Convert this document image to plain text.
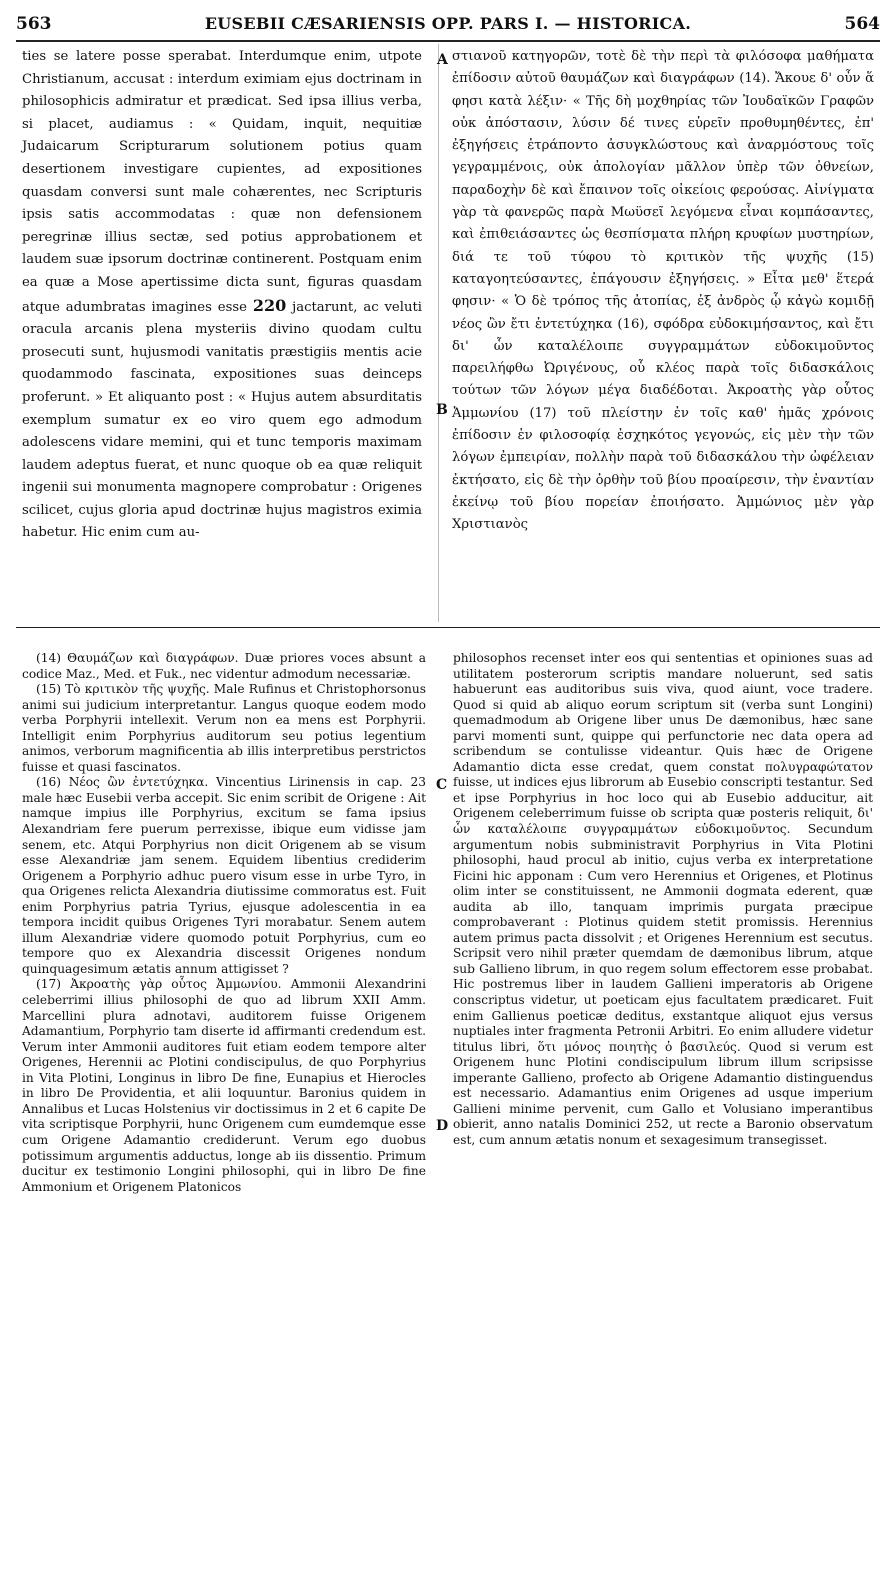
563	EUSEBII CÆSARIENSIS OPP. PARS I. — HISTORICA.	564

ties se latere posse sperabat. Interdumque enim, utpote Christianum, accusat : interdum eximiam ejus doctrinam in philosophicis admiratur et prædicat. Sed ipsa illius verba, si placet, audiamus : « Quidam, inquit, nequitiæ Judaicarum Scripturarum solutionem potius quam desertionem investigare cupientes, ad expositiones quasdam conversi sunt male cohærentes, nec Scripturis ipsis satis accommodatas : quæ non defensionem peregrinæ illius sectæ, sed potius approbationem et laudem suæ ipsorum doctrinæ continerent. Postquam enim ea quæ a Mose apertissime dicta sunt, figuras quasdam atque adumbratas imagines esse 220 jactarunt, ac veluti oracula arcanis plena mysteriis divino quodam cultu prosecuti sunt, hujusmodi vanitatis præstigiis mentis acie quodammodo fascinata, expositiones suas deinceps proferunt. » Et aliquanto post : « Hujus autem absurditatis exemplum sumatur ex eo viro quem ego admodum adolescens vidare memini, qui et tunc temporis maximam laudem adeptus fuerat, et nunc quoque ob ea quæ reliquit ingenii sui monumenta magnopere comprobatur : Origenes scilicet, cujus gloria apud doctrinæ hujus magistros eximia habetur. Hic enim cum au-

A
B
C
D

στιανοῦ κατηγορῶν, τοτὲ δὲ τὴν περὶ τὰ φιλόσοφα μαθήματα ἐπίδοσιν αὐτοῦ θαυμάζων καὶ διαγράφων (14). Ἄκουε δ' οὖν ἅ φησι κατὰ λέξιν· « Τῆς δὴ μοχθηρίας τῶν Ἰουδαϊκῶν Γραφῶν οὐκ ἀπόστασιν, λύσιν δέ τινες εὑρεῖν προθυμηθέντες, ἐπ' ἐξηγήσεις ἐτράποντο ἀσυγκλώστους καὶ ἀναρμόστους τοῖς γεγραμμένοις, οὐκ ἀπολογίαν μᾶλλον ὑπὲρ τῶν ὀθνείων, παραδοχὴν δὲ καὶ ἔπαινον τοῖς οἰκείοις φερούσας. Αἰνίγματα γὰρ τὰ φανερῶς παρὰ Μωϋσεῖ λεγόμενα εἶναι κομπάσαντες, καὶ ἐπιθειάσαντες ὡς θεσπίσματα πλήρη κρυφίων μυστηρίων, διά τε τοῦ τύφου τὸ κριτικὸν τῆς ψυχῆς (15) καταγοητεύσαντες, ἐπάγουσιν ἐξηγήσεις. » Εἶτα μεθ' ἕτερά φησιν· « Ὁ δὲ τρόπος τῆς ἀτοπίας, ἐξ ἀνδρὸς ᾧ κἀγὼ κομιδῇ νέος ὢν ἔτι ἐντετύχηκα (16), σφόδρα εὐδοκιμήσαντος, καὶ ἔτι δι' ὧν καταλέλοιπε συγγραμμάτων εὐδοκιμοῦντος παρειλήφθω Ὠριγένους, οὗ κλέος παρὰ τοῖς διδασκάλοις τούτων τῶν λόγων μέγα διαδέδοται. Ἀκροατὴς γὰρ οὗτος Ἀμμωνίου (17) τοῦ πλείστην ἐν τοῖς καθ' ἡμᾶς χρόνοις ἐπίδοσιν ἐν φιλοσοφίᾳ ἐσχηκότος γεγονώς, εἰς μὲν τὴν τῶν λόγων ἐμπειρίαν, πολλὴν παρὰ τοῦ διδασκάλου τὴν ὠφέλειαν ἐκτήσατο, εἰς δὲ τὴν ὀρθὴν τοῦ βίου προαίρεσιν, τὴν ἐναντίαν ἐκείνῳ τοῦ βίου πορείαν ἐποιήσατο. Ἀμμώνιος μὲν γὰρ Χριστιανὸς

(14) Θαυμάζων καὶ διαγράφων. Duæ priores voces absunt a codice Maz., Med. et Fuk., nec videntur admodum necessariæ.

(15) Τὸ κριτικὸν τῆς ψυχῆς. Male Rufinus et Christophorsonus animi sui judicium interpretantur. Langus quoque eodem modo verba Porphyrii intellexit. Verum non ea mens est Porphyrii. Intelligit enim Porphyrius auditorum seu potius legentium animos, verborum magnificentia ab illis interpretibus perstrictos fuisse et quasi fascinatos.

(16) Νέος ὢν ἐντετύχηκα. Vincentius Lirinensis in cap. 23 male hæc Eusebii verba accepit. Sic enim scribit de Origene : Ait namque impius ille Porphyrius, excitum se fama ipsius Alexandriam fere puerum perrexisse, ibique eum vidisse jam senem, etc. Atqui Porphyrius non dicit Origenem ab se visum esse Alexandriæ jam senem. Equidem libentius crediderim Origenem a Porphyrio adhuc puero visum esse in urbe Tyro, in qua Origenes relicta Alexandria diutissime commoratus est. Fuit enim Porphyrius patria Tyrius, ejusque adolescentia in ea tempora incidit quibus Origenes Tyri morabatur. Senem autem illum Alexandriæ videre quomodo potuit Porphyrius, cum eo tempore quo ex Alexandria discessit Origenes nondum quinquagesimum ætatis annum attigisset ?

(17) Ἀκροατὴς γὰρ οὗτος Ἀμμωνίου. Ammonii Alexandrini celeberrimi illius philosophi de quo ad librum XXII Amm. Marcellini plura adnotavi, auditorem fuisse Origenem Adamantium, Porphyrio tam diserte id affirmanti credendum est. Verum inter Ammonii auditores fuit etiam eodem tempore alter Origenes, Herennii ac Plotini condiscipulus, de quo Porphyrius in Vita Plotini, Longinus in libro De fine, Eunapius et Hierocles in libro De Providentia, et alii loquuntur. Baronius quidem in Annalibus et Lucas Holstenius vir doctissimus in 2 et 6 capite De vita scriptisque Porphyrii, hunc Origenem cum eumdemque esse cum Origene Adamantio crediderunt. Verum ego duobus potissimum argumentis adductus, longe ab iis dissentio. Primum ducitur ex testimonio Longini philosophi, qui in libro De fine Ammonium et Origenem Platonicos

philosophos recenset inter eos qui sententias et opiniones suas ad utilitatem posterorum scriptis mandare noluerunt, sed satis habuerunt eas auditoribus suis viva, quod aiunt, voce tradere. Quod si quid ab aliquo eorum scriptum sit (verba sunt Longini) quemadmodum ab Origene liber unus De dæmonibus, hæc sane parvi momenti sunt, quippe qui perfunctorie nec data opera ad scribendum se contulisse videantur. Quis hæc de Origene Adamantio dicta esse credat, quem constat πολυγραφώτατον fuisse, ut indices ejus librorum ab Eusebio conscripti testantur. Sed et ipse Porphyrius in hoc loco qui ab Eusebio adducitur, ait Origenem celeberrimum fuisse ob scripta quæ posteris reliquit, δι' ὧν καταλέλοιπε συγγραμμάτων εὐδοκιμοῦντος. Secundum argumentum nobis subministravit Porphyrius in Vita Plotini philosophi, haud procul ab initio, cujus verba ex interpretatione Ficini hic apponam : Cum vero Herennius et Origenes, et Plotinus olim inter se constituissent, ne Ammonii dogmata ederent, quæ audita ab illo, tanquam imprimis purgata præcipue comprobaverant : Plotinus quidem stetit promissis. Herennius autem primus pacta dissolvit ; et Origenes Herennium est secutus. Scripsit vero nihil præter quemdam de dæmonibus librum, atque sub Gallieno librum, in quo regem solum effectorem esse probabat. Hic postremus liber in laudem Gallieni imperatoris ab Origene conscriptus videtur, ut poeticam ejus facultatem prædicaret. Fuit enim Gallienus poeticæ deditus, exstantque aliquot ejus versus nuptiales inter fragmenta Petronii Arbitri. Eo enim alludere videtur titulus libri, ὅτι μόνος ποιητὴς ὁ βασιλεύς. Quod si verum est Origenem hunc Plotini condiscipulum librum illum scripsisse imperante Gallieno, profecto ab Origene Adamantio distinguendus est necessario. Adamantius enim Origenes ad usque imperium Gallieni minime pervenit, cum Gallo et Volusiano imperantibus obierit, anno natalis Dominici 252, ut recte a Baronio observatum est, cum annum ætatis nonum et sexagesimum transegisset.
